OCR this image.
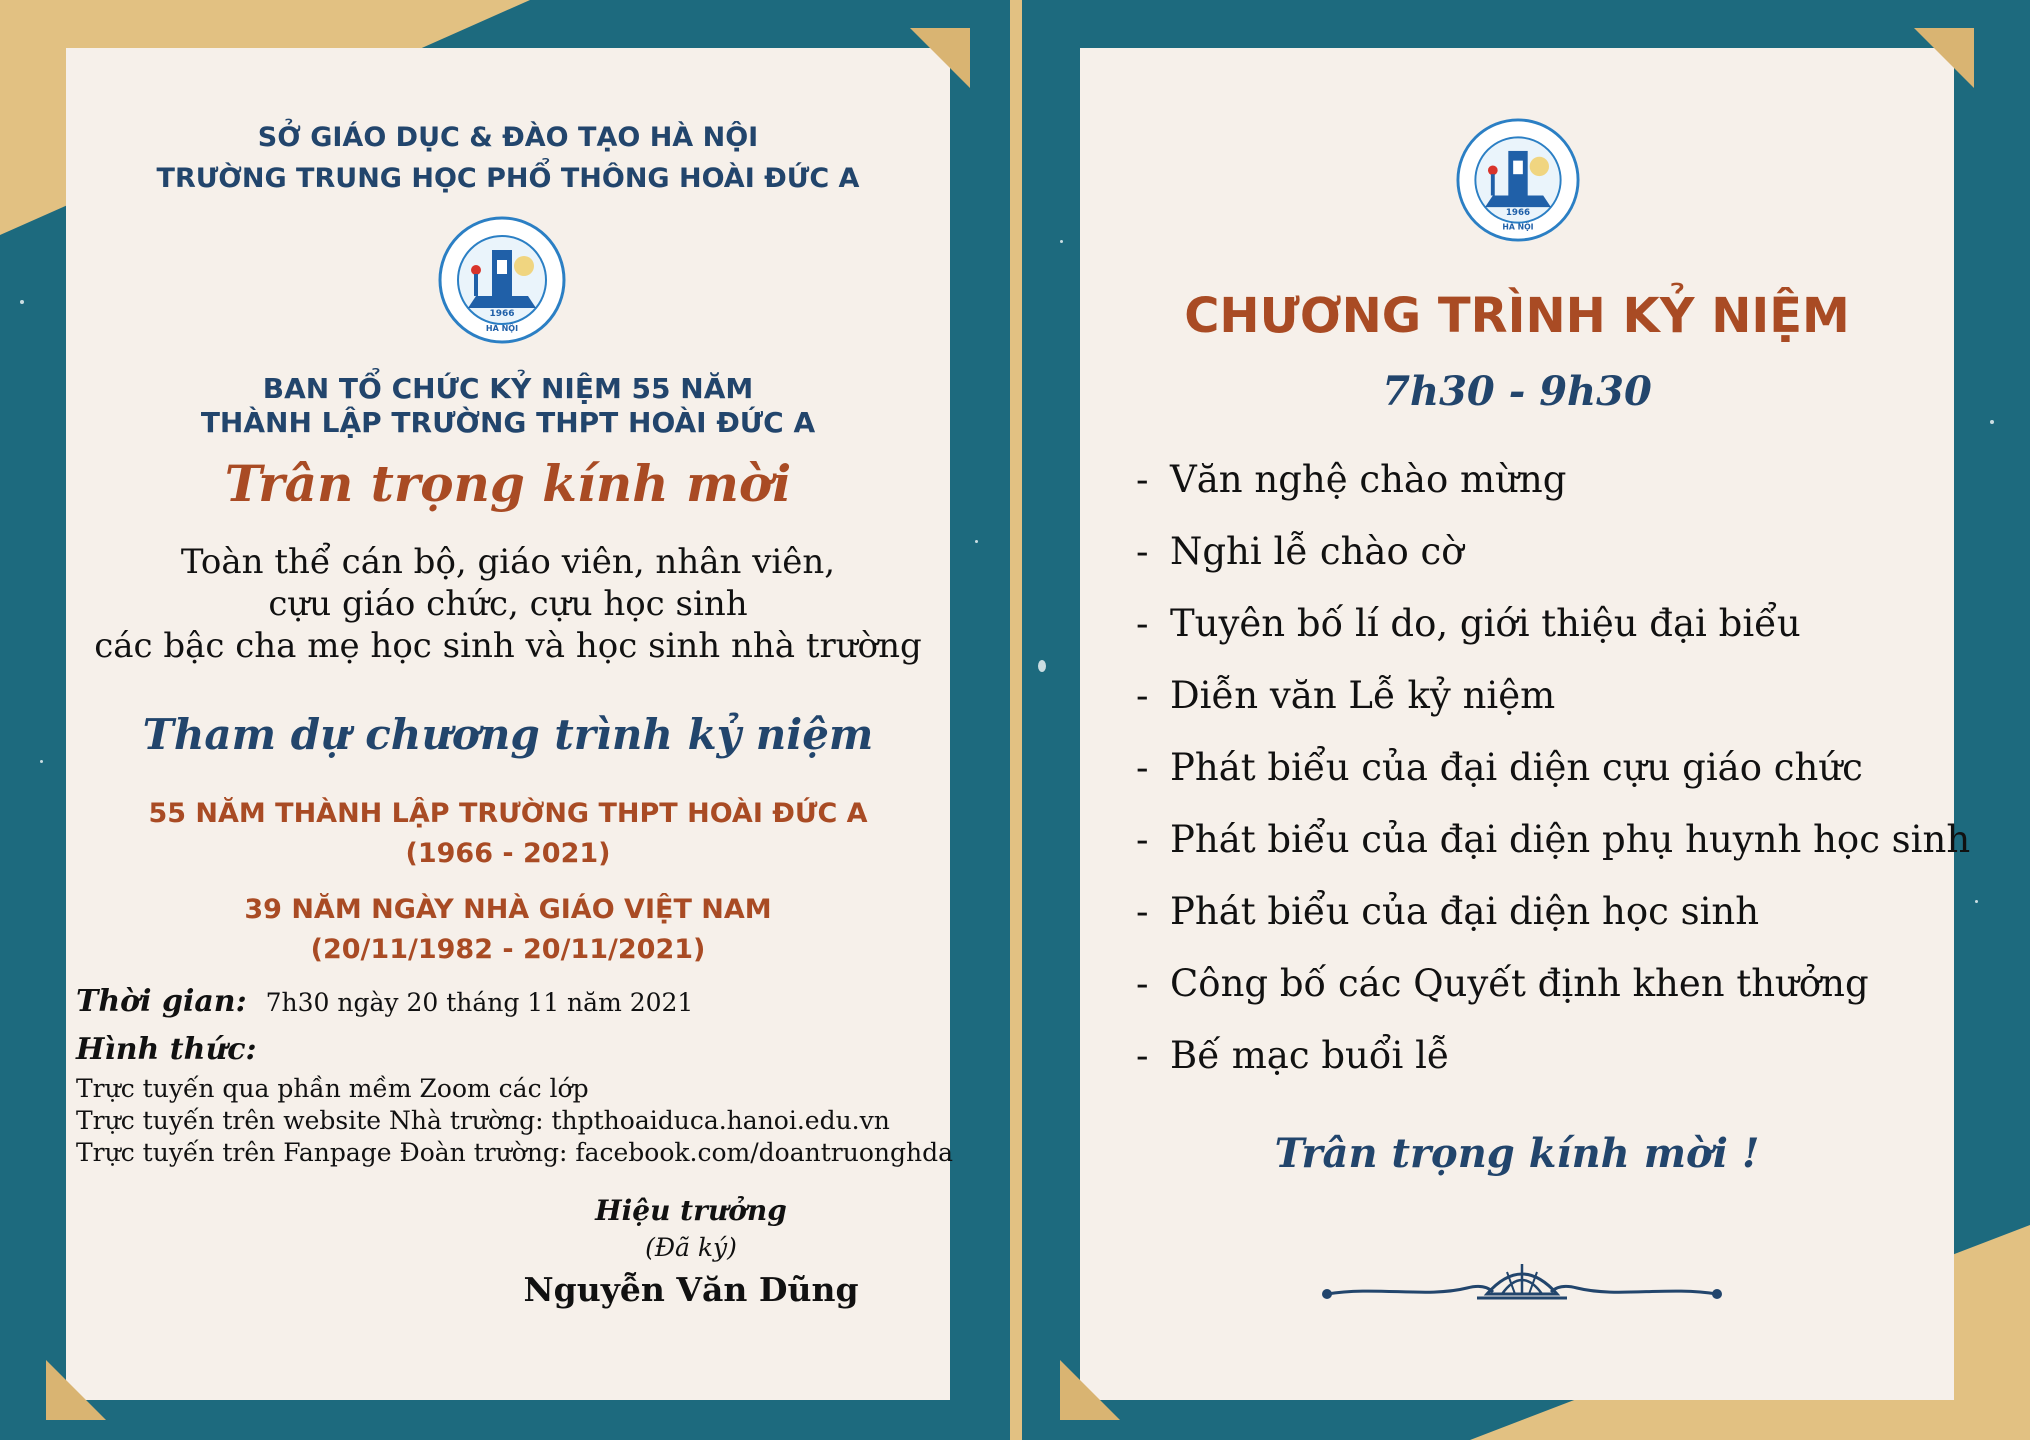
SỞ GIÁO DỤC & ĐÀO TẠO HÀ NỘI
TRƯỜNG TRUNG HỌC PHỔ THÔNG HOÀI ĐỨC A
1966
HÀ NỘI
BAN TỔ CHỨC KỶ NIỆM 55 NĂM
THÀNH LẬP TRƯỜNG THPT HOÀI ĐỨC A
Trân trọng kính mời
Toàn thể cán bộ, giáo viên, nhân viên,
cựu giáo chức, cựu học sinh
các bậc cha mẹ học sinh và học sinh nhà trường
Tham dự chương trình kỷ niệm
55 NĂM THÀNH LẬP TRƯỜNG THPT HOÀI ĐỨC A
(1966 - 2021)
39 NĂM NGÀY NHÀ GIÁO VIỆT NAM
(20/11/1982 - 20/11/2021)
Thời gian: 7h30 ngày 20 tháng 11 năm 2021
Hình thức:
Trực tuyến qua phần mềm Zoom các lớp
Trực tuyến trên website Nhà trường: thpthoaiduca.hanoi.edu.vn
Trực tuyến trên Fanpage Đoàn trường: facebook.com/doantruonghda
Hiệu trưởng
(Đã ký)
Nguyễn Văn Dũng
1966
HÀ NỘI
CHƯƠNG TRÌNH KỶ NIỆM
7h30 - 9h30
- Văn nghệ chào mừng
- Nghi lễ chào cờ
- Tuyên bố lí do, giới thiệu đại biểu
- Diễn văn Lễ kỷ niệm
- Phát biểu của đại diện cựu giáo chức
- Phát biểu của đại diện phụ huynh học sinh
- Phát biểu của đại diện học sinh
- Công bố các Quyết định khen thưởng
- Bế mạc buổi lễ
Trân trọng kính mời !
